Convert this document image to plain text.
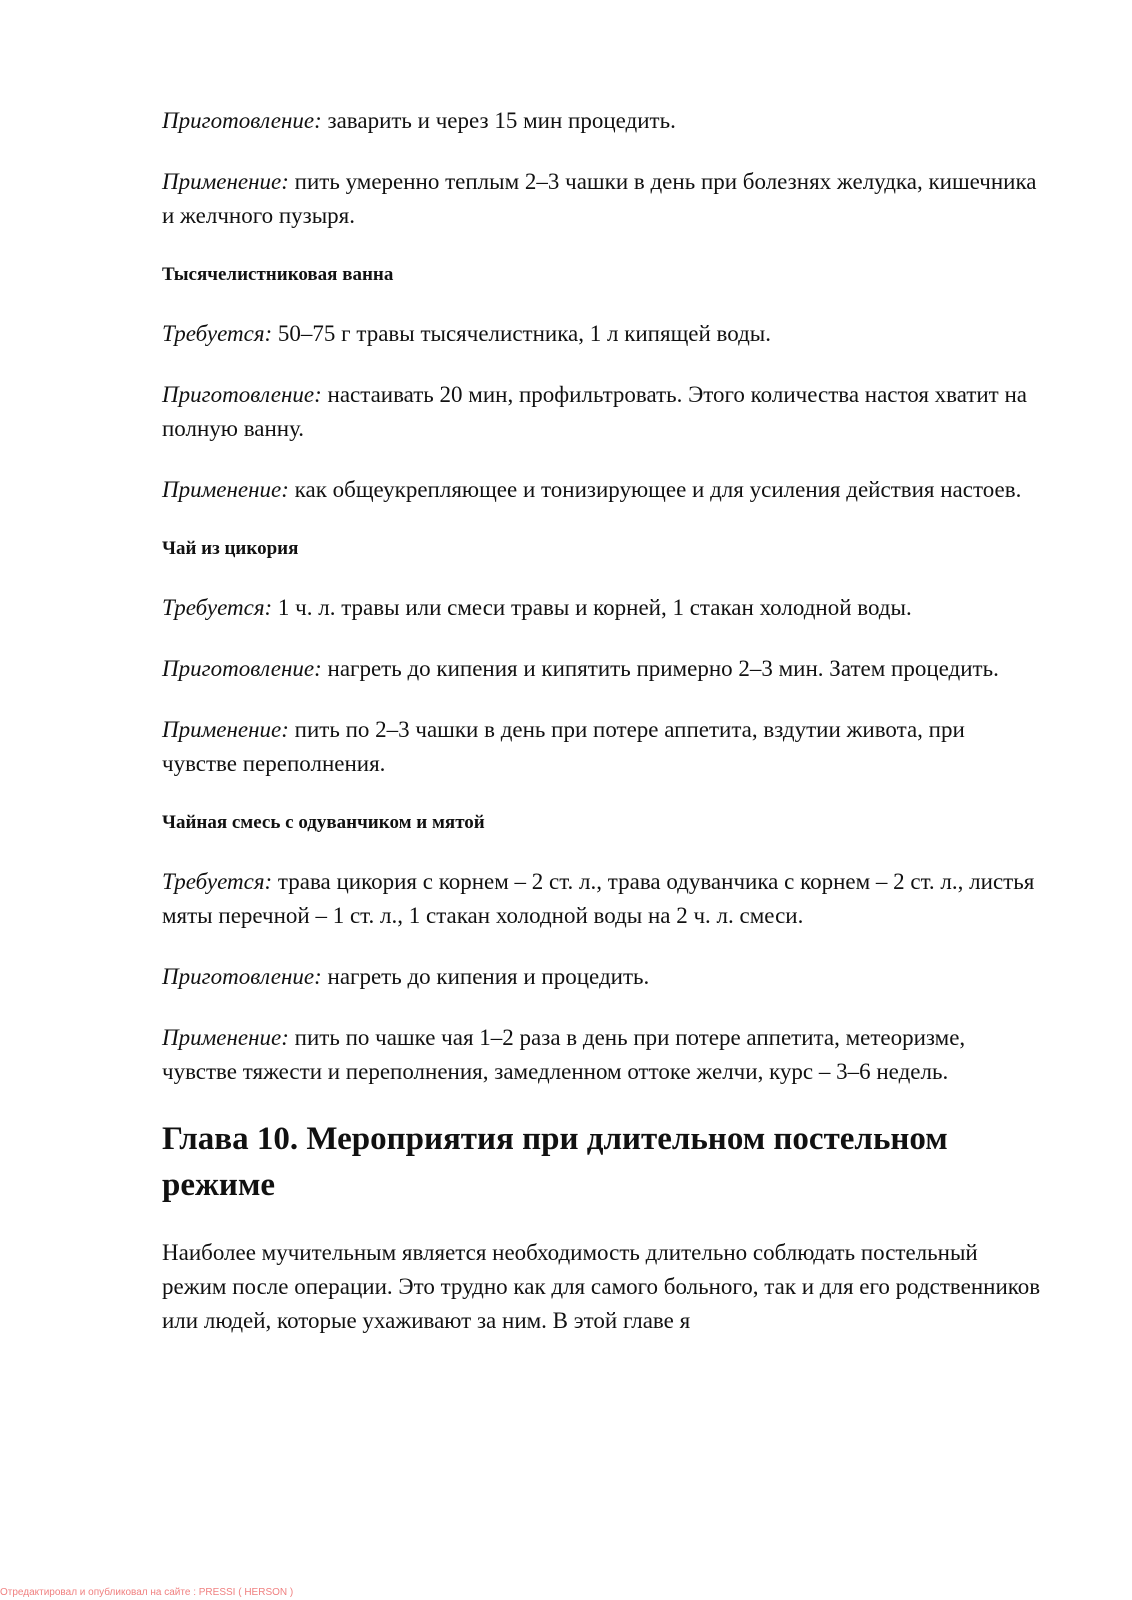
Приготовление: заварить и через 15 мин процедить.

Применение: пить умеренно теплым 2–3 чашки в день при болезнях желудка, кишечника и желчного пузыря.

Тысячелистниковая ванна

Требуется: 50–75 г травы тысячелистника, 1 л кипящей воды.

Приготовление: настаивать 20 мин, профильтровать. Этого количества настоя хватит на полную ванну.

Применение: как общеукрепляющее и тонизирующее и для усиления действия настоев.

Чай из цикория

Требуется: 1 ч. л. травы или смеси травы и корней, 1 стакан холодной воды.

Приготовление: нагреть до кипения и кипятить примерно 2–3 мин. Затем процедить.

Применение: пить по 2–3 чашки в день при потере аппетита, вздутии живота, при чувстве переполнения.

Чайная смесь с одуванчиком и мятой

Требуется: трава цикория с корнем – 2 ст. л., трава одуванчика с корнем – 2 ст. л., листья мяты перечной – 1 ст. л., 1 стакан холодной воды на 2 ч. л. смеси.

Приготовление: нагреть до кипения и процедить.

Применение: пить по чашке чая 1–2 раза в день при потере аппетита, метеоризме, чувстве тяжести и переполнения, замедленном оттоке желчи, курс – 3–6 недель.

Глава 10. Мероприятия при длительном постельном режиме

Наиболее мучительным является необходимость длительно соблюдать постельный режим после операции. Это трудно как для самого больного, так и для его родственников или людей, которые ухаживают за ним. В этой главе я

Отредактировал и опубликовал на сайте : PRESSI ( HERSON )
